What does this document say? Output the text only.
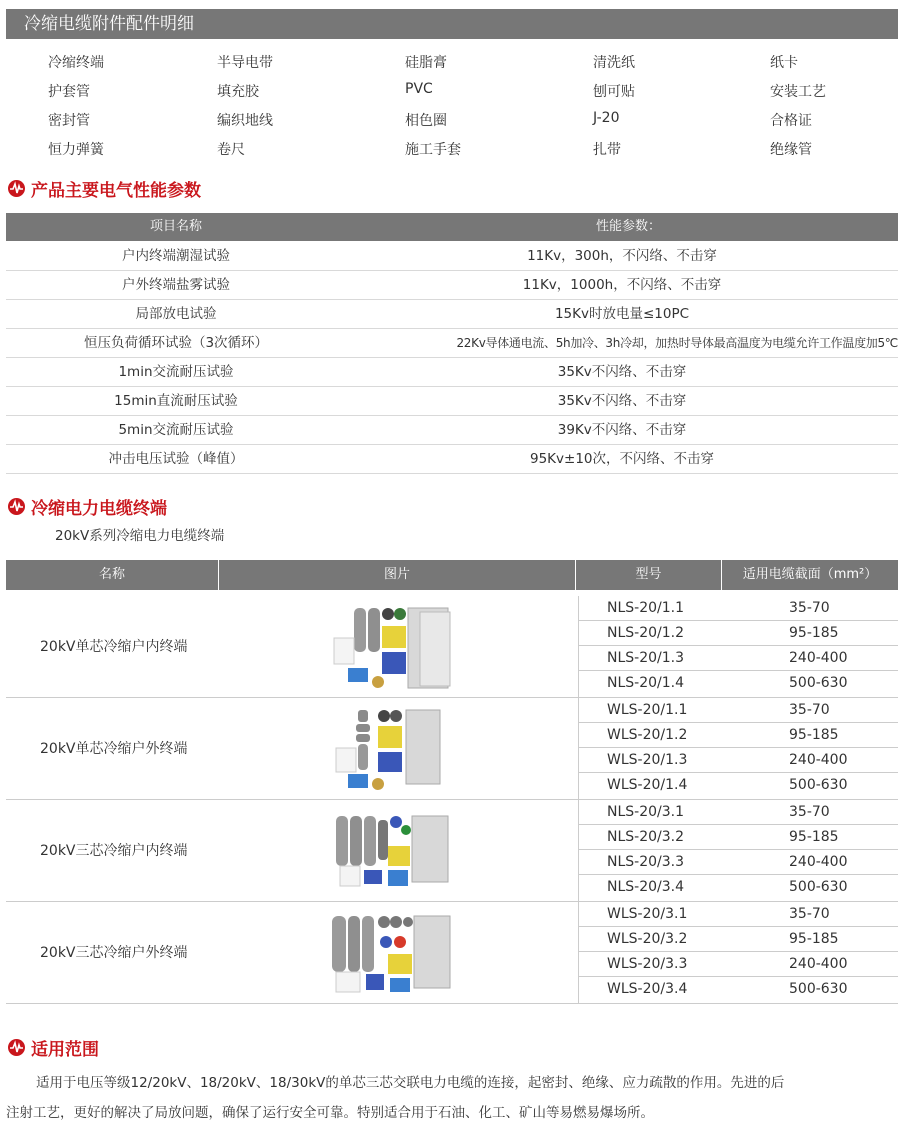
冷缩电缆附件配件明细
冷缩终端	半导电带	硅脂膏	清洗纸	纸卡
护套管	填充胶	PVC	刨可贴	安装工艺
密封管	编织地线	相色圈	J-20	合格证
恒力弹簧	卷尺	施工手套	扎带	绝缘管
产品主要电气性能参数
项目名称	性能参数：
户内终端潮湿试验	11Kv，300h，不闪络、不击穿
户外终端盐雾试验	11Kv，1000h，不闪络、不击穿
局部放电试验	15Kv时放电量≤10PC
恒压负荷循环试验（3次循环）	22Kv导体通电流、5h加冷、3h冷却，加热时导体最高温度为电缆允许工作温度加5℃
1min交流耐压试验	35Kv不闪络、不击穿
15min直流耐压试验	35Kv不闪络、不击穿
5min交流耐压试验	39Kv不闪络、不击穿
冲击电压试验（峰值）	95Kv±10次，不闪络、不击穿
冷缩电力电缆终端
20kV系列冷缩电力电缆终端
名称	图片	型号	适用电缆截面（mm²）
20kV单芯冷缩户内终端
NLS-20/1.1	35-70
NLS-20/1.2	95-185
NLS-20/1.3	240-400
NLS-20/1.4	500-630
20kV单芯冷缩户外终端
WLS-20/1.1	35-70
WLS-20/1.2	95-185
WLS-20/1.3	240-400
WLS-20/1.4	500-630
20kV三芯冷缩户内终端
NLS-20/3.1	35-70
NLS-20/3.2	95-185
NLS-20/3.3	240-400
NLS-20/3.4	500-630
20kV三芯冷缩户外终端
WLS-20/3.1	35-70
WLS-20/3.2	95-185
WLS-20/3.3	240-400
WLS-20/3.4	500-630
适用范围
适用于电压等级12/20kV、18/20kV、18/30kV的单芯三芯交联电力电缆的连接，起密封、绝缘、应力疏散的作用。先进的后
注射工艺，更好的解决了局放问题，确保了运行安全可靠。特别适合用于石油、化工、矿山等易燃易爆场所。
